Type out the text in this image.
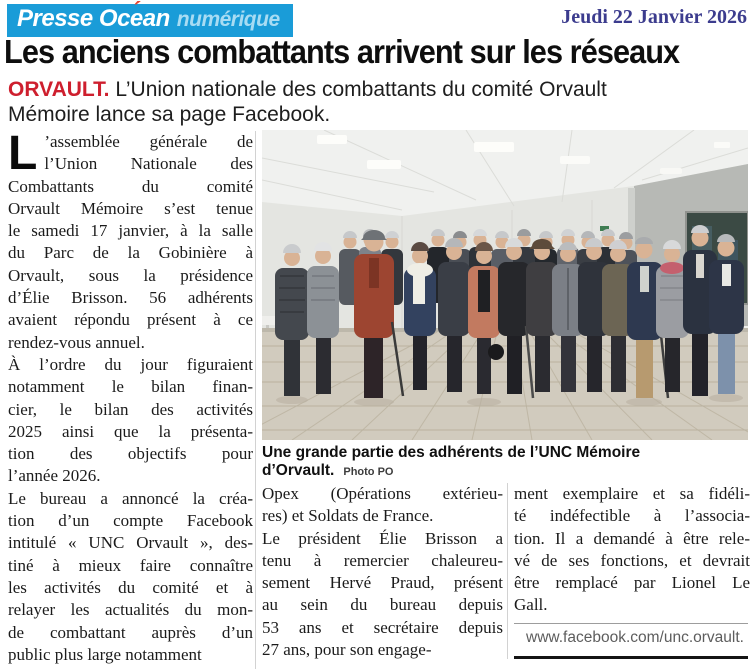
Presse Oce ´an numérique	Jeudi 22 Janvier 2026
Les anciens combattants arrivent sur les réseaux
ORVAULT. L’Union nationale des combattants du comité Orvault
Mémoire lance sa page Facebook.
Une grande partie des adhérents de l’UNC Mémoire d’Orvault. Photo PO
L ’assemblée générale de
l’Union Nationale des
Combattants du comité
Orvault Mémoire s’est tenue
le samedi 17 janvier, à la salle
du Parc de la Gobinière à
Orvault, sous la présidence
d’Élie Brisson. 56 adhérents
avaient répondu présent à ce
rendez-vous annuel.
À l’ordre du jour figuraient
notamment le bilan finan-
cier, le bilan des activités
2025 ainsi que la présenta-
tion des objectifs pour
l’année 2026.
Le bureau a annoncé la créa-
tion d’un compte Facebook
intitulé « UNC Orvault », des-
tiné à mieux faire connaître
les activités du comité et à
relayer les actualités du mon-
de combattant auprès d’un
public plus large notamment
Opex (Opérations extérieu-
res) et Soldats de France.
Le président Élie Brisson a
tenu à remercier chaleureu-
sement Hervé Praud, présent
au sein du bureau depuis
53 ans et secrétaire depuis
27 ans, pour son engage-
ment exemplaire et sa fidéli-
té indéfectible à l’associa-
tion. Il a demandé à être rele-
vé de ses fonctions, et devrait
être remplacé par Lionel Le
Gall.
www.facebook.com/unc.orvault.
